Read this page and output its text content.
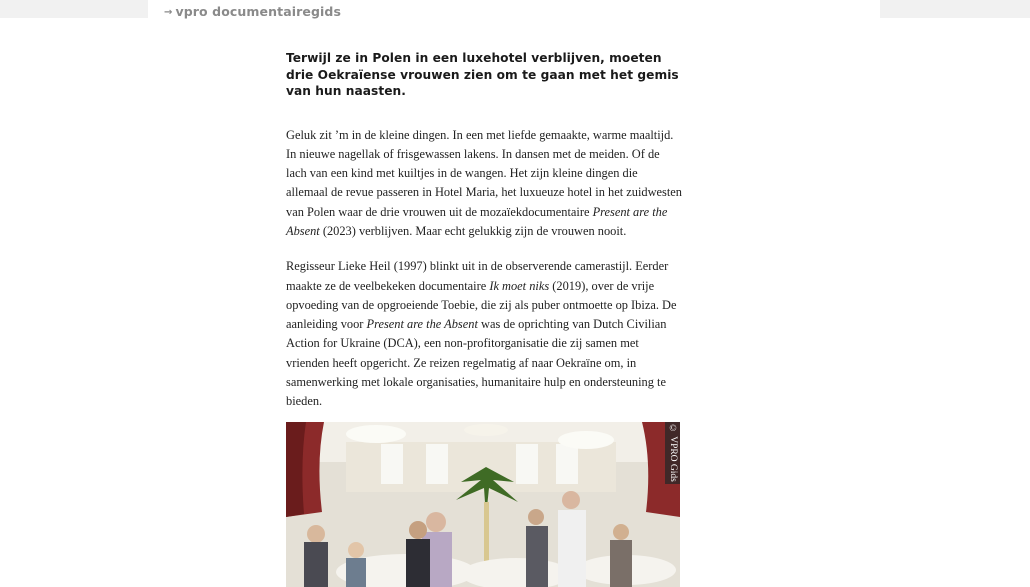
→ vpro documentairegids

Terwijl ze in Polen in een luxehotel verblijven, moeten drie Oekraïense vrouwen zien om te gaan met het gemis van hun naasten.

Geluk zit ’m in de kleine dingen. In een met liefde gemaakte, warme maaltijd. In nieuwe nagellak of frisgewassen lakens. In dansen met de meiden. Of de lach van een kind met kuiltjes in de wangen. Het zijn kleine dingen die allemaal de revue passeren in Hotel Maria, het luxueuze hotel in het zuidwesten van Polen waar de drie vrouwen uit de mozaïekdocumentaire Present are the Absent (2023) verblijven. Maar echt gelukkig zijn de vrouwen nooit.

Regisseur Lieke Heil (1997) blinkt uit in de observerende camerastijl. Eerder maakte ze de veelbekeken documentaire Ik moet niks (2019), over de vrije opvoeding van de opgroeiende Toebie, die zij als puber ontmoette op Ibiza. De aanleiding voor Present are the Absent was de oprichting van Dutch Civilian Action for Ukraine (DCA), een non-profitorganisatie die zij samen met vrienden heeft opgericht. Ze reizen regelmatig af naar Oekraïne om, in samenwerking met lokale organisaties, humanitaire hulp en ondersteuning te bieden.

© VPRO Gids
